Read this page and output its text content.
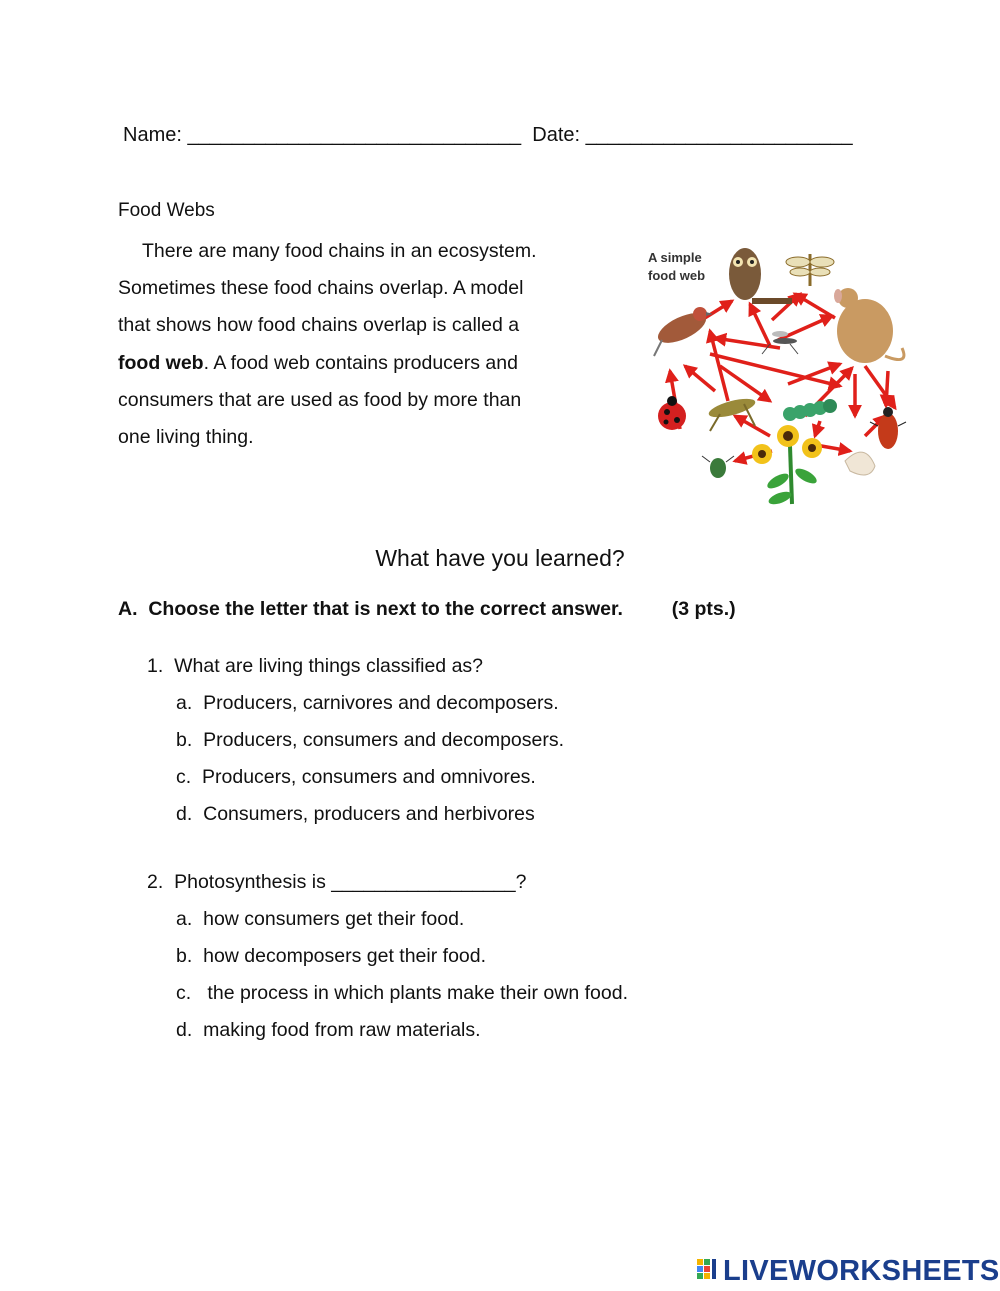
Name: ______________________________ Date: ________________________
Food Webs

There are many food chains in an ecosystem.

Sometimes these food chains overlap. A model

that shows how food chains overlap is called a

food web. A food web contains producers and

consumers that are used as food by more than

one living thing.

A simple
food web
What have you learned?
A.  Choose the letter that is next to the correct answer.	(3 pts.)
1. What are living things classified as?
a. Producers, carnivores and decomposers.
b. Producers, consumers and decomposers.
c. Producers, consumers and omnivores.
d. Consumers, producers and herbivores
2. Photosynthesis is _________________?
a. how consumers get their food.
b. how decomposers get their food.
c.   the process in which plants make their own food.
d. making food from raw materials.
LIVEWORKSHEETS
